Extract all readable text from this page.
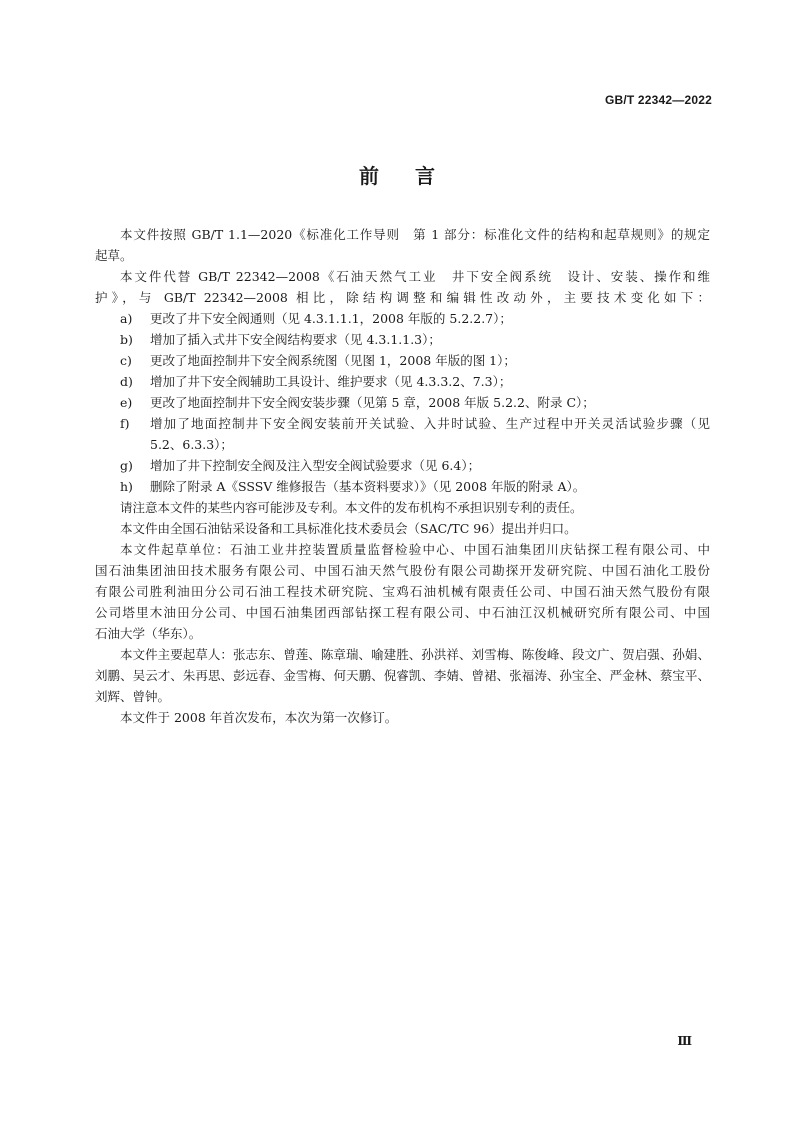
GB/T 22342—2022
前言
本文件按照 GB/T 1.1—2020《标准化工作导则　第 1 部分：标准化文件的结构和起草规则》的规定
起草。
本文件代替 GB/T 22342—2008《石油天然气工业　井下安全阀系统　设计、安装、操作和维
护》，与 GB/T 22342—2008 相比，除结构调整和编辑性改动外，主要技术变化如下：
a)	更改了井下安全阀通则（见 4.3.1.1.1，2008 年版的 5.2.2.7）；
b)	增加了插入式井下安全阀结构要求（见 4.3.1.1.3）；
c)	更改了地面控制井下安全阀系统图（见图 1，2008 年版的图 1）；
d)	增加了井下安全阀辅助工具设计、维护要求（见 4.3.3.2、7.3）；
e)	更改了地面控制井下安全阀安装步骤（见第 5 章，2008 年版 5.2.2、附录 C）；
f)	增加了地面控制井下安全阀安装前开关试验、入井时试验、生产过程中开关灵活试验步骤（见
5.2、6.3.3）；
g)	增加了井下控制安全阀及注入型安全阀试验要求（见 6.4）；
h)	删除了附录 A《SSSV 维修报告（基本资料要求）》（见 2008 年版的附录 A）。
请注意本文件的某些内容可能涉及专利。本文件的发布机构不承担识别专利的责任。
本文件由全国石油钻采设备和工具标准化技术委员会（SAC/TC 96）提出并归口。
本文件起草单位：石油工业井控装置质量监督检验中心、中国石油集团川庆钻探工程有限公司、中
国石油集团油田技术服务有限公司、中国石油天然气股份有限公司勘探开发研究院、中国石油化工股份
有限公司胜利油田分公司石油工程技术研究院、宝鸡石油机械有限责任公司、中国石油天然气股份有限
公司塔里木油田分公司、中国石油集团西部钻探工程有限公司、中石油江汉机械研究所有限公司、中国
石油大学（华东）。
本文件主要起草人：张志东、曾莲、陈章瑞、喻建胜、孙洪祥、刘雪梅、陈俊峰、段文广、贺启强、孙娟、
刘鹏、吴云才、朱再思、彭远春、金雪梅、何天鹏、倪睿凯、李婧、曾裙、张福涛、孙宝全、严金林、蔡宝平、
刘辉、曾钟。
本文件于 2008 年首次发布，本次为第一次修订。
Ⅲ
